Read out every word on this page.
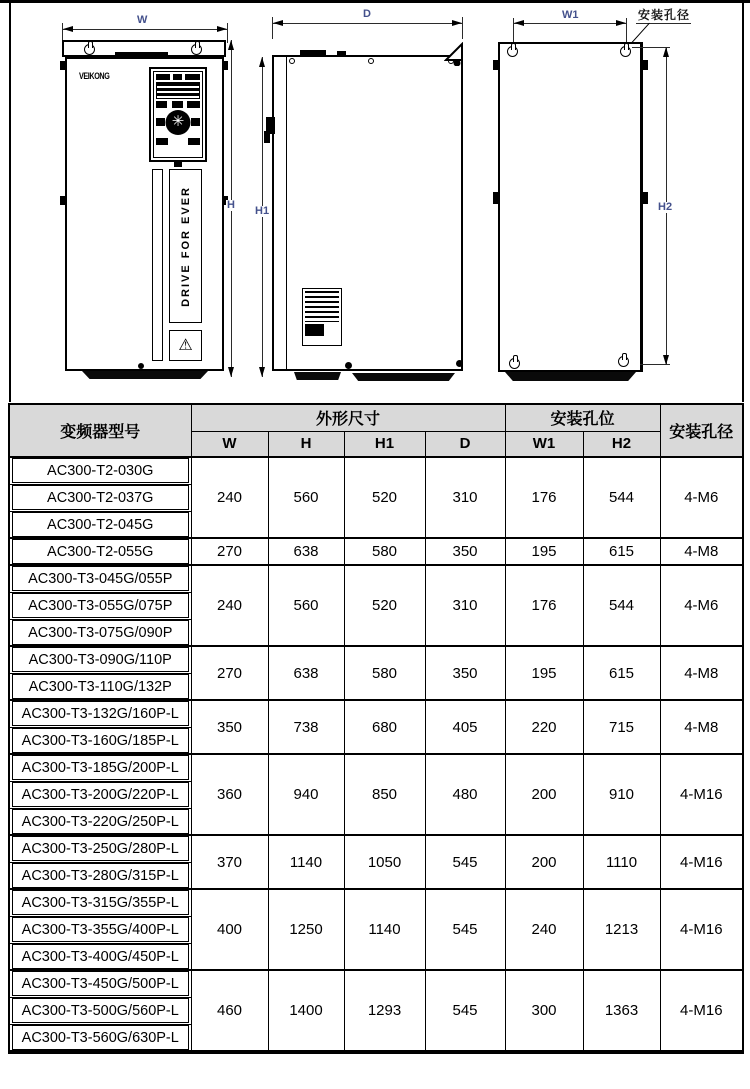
W
VEIKONG
✳
DRIVE FOR EVER
⚠
H
D
H1
W1	安装孔径
H2
变频器型号	外形尺寸				安装孔位		安装孔径
	W	H	H1	D	W1	H2	

AC300-T2-030G	240	560	520	310	176	544	4-M6

AC300-T2-037G							

AC300-T2-045G							

AC300-T2-055G	270	638	580	350	195	615	4-M8

AC300-T3-045G/055P	240	560	520	310	176	544	4-M6

AC300-T3-055G/075P							

AC300-T3-075G/090P							

AC300-T3-090G/110P	270	638	580	350	195	615	4-M8

AC300-T3-110G/132P							

AC300-T3-132G/160P-L	350	738	680	405	220	715	4-M8

AC300-T3-160G/185P-L							

AC300-T3-185G/200P-L	360	940	850	480	200	910	4-M16

AC300-T3-200G/220P-L							

AC300-T3-220G/250P-L							

AC300-T3-250G/280P-L	370	1140	1050	545	200	1110	4-M16

AC300-T3-280G/315P-L							

AC300-T3-315G/355P-L	400	1250	1140	545	240	1213	4-M16

AC300-T3-355G/400P-L							

AC300-T3-400G/450P-L							

AC300-T3-450G/500P-L	460	1400	1293	545	300	1363	4-M16

AC300-T3-500G/560P-L							

AC300-T3-560G/630P-L							
